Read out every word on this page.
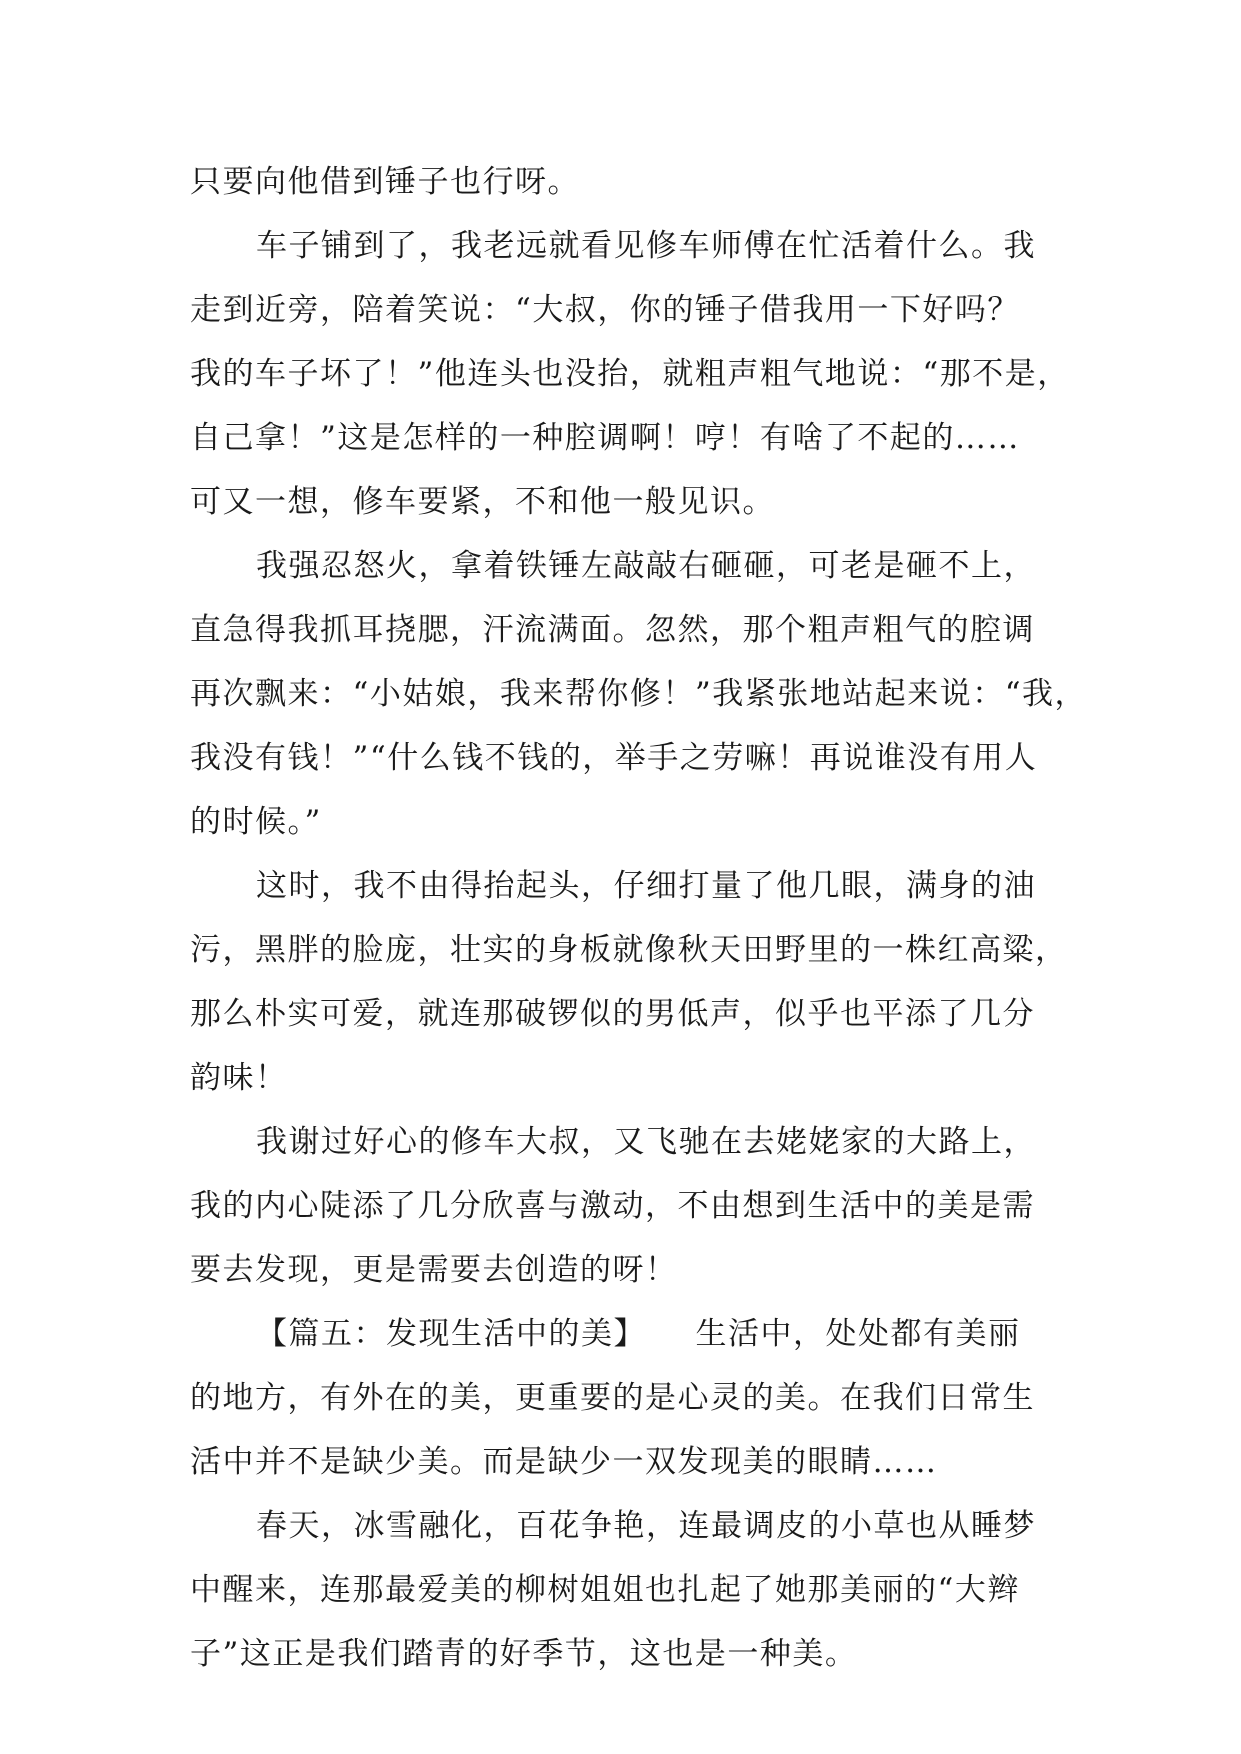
只要向他借到锤子也行呀。
车子铺到了，我老远就看见修车师傅在忙活着什么。我
走到近旁，陪着笑说：“大叔，你的锤子借我用一下好吗？
我的车子坏了！”他连头也没抬，就粗声粗气地说：“那不是，
自己拿！”这是怎样的一种腔调啊！哼！有啥了不起的……
可又一想，修车要紧，不和他一般见识。
我强忍怒火，拿着铁锤左敲敲右砸砸，可老是砸不上，
直急得我抓耳挠腮，汗流满面。忽然，那个粗声粗气的腔调
再次飘来：“小姑娘，我来帮你修！”我紧张地站起来说：“我，
我没有钱！”“什么钱不钱的，举手之劳嘛！再说谁没有用人
的时候。”
这时，我不由得抬起头，仔细打量了他几眼，满身的油
污，黑胖的脸庞，壮实的身板就像秋天田野里的一株红高粱，
那么朴实可爱，就连那破锣似的男低声，似乎也平添了几分
韵味！
我谢过好心的修车大叔，又飞驰在去姥姥家的大路上，
我的内心陡添了几分欣喜与激动，不由想到生活中的美是需
要去发现，更是需要去创造的呀！
【篇五：发现生活中的美】　　生活中，处处都有美丽
的地方，有外在的美，更重要的是心灵的美。在我们日常生
活中并不是缺少美。而是缺少一双发现美的眼睛……
春天，冰雪融化，百花争艳，连最调皮的小草也从睡梦
中醒来，连那最爱美的柳树姐姐也扎起了她那美丽的“大辫
子”这正是我们踏青的好季节，这也是一种美。
